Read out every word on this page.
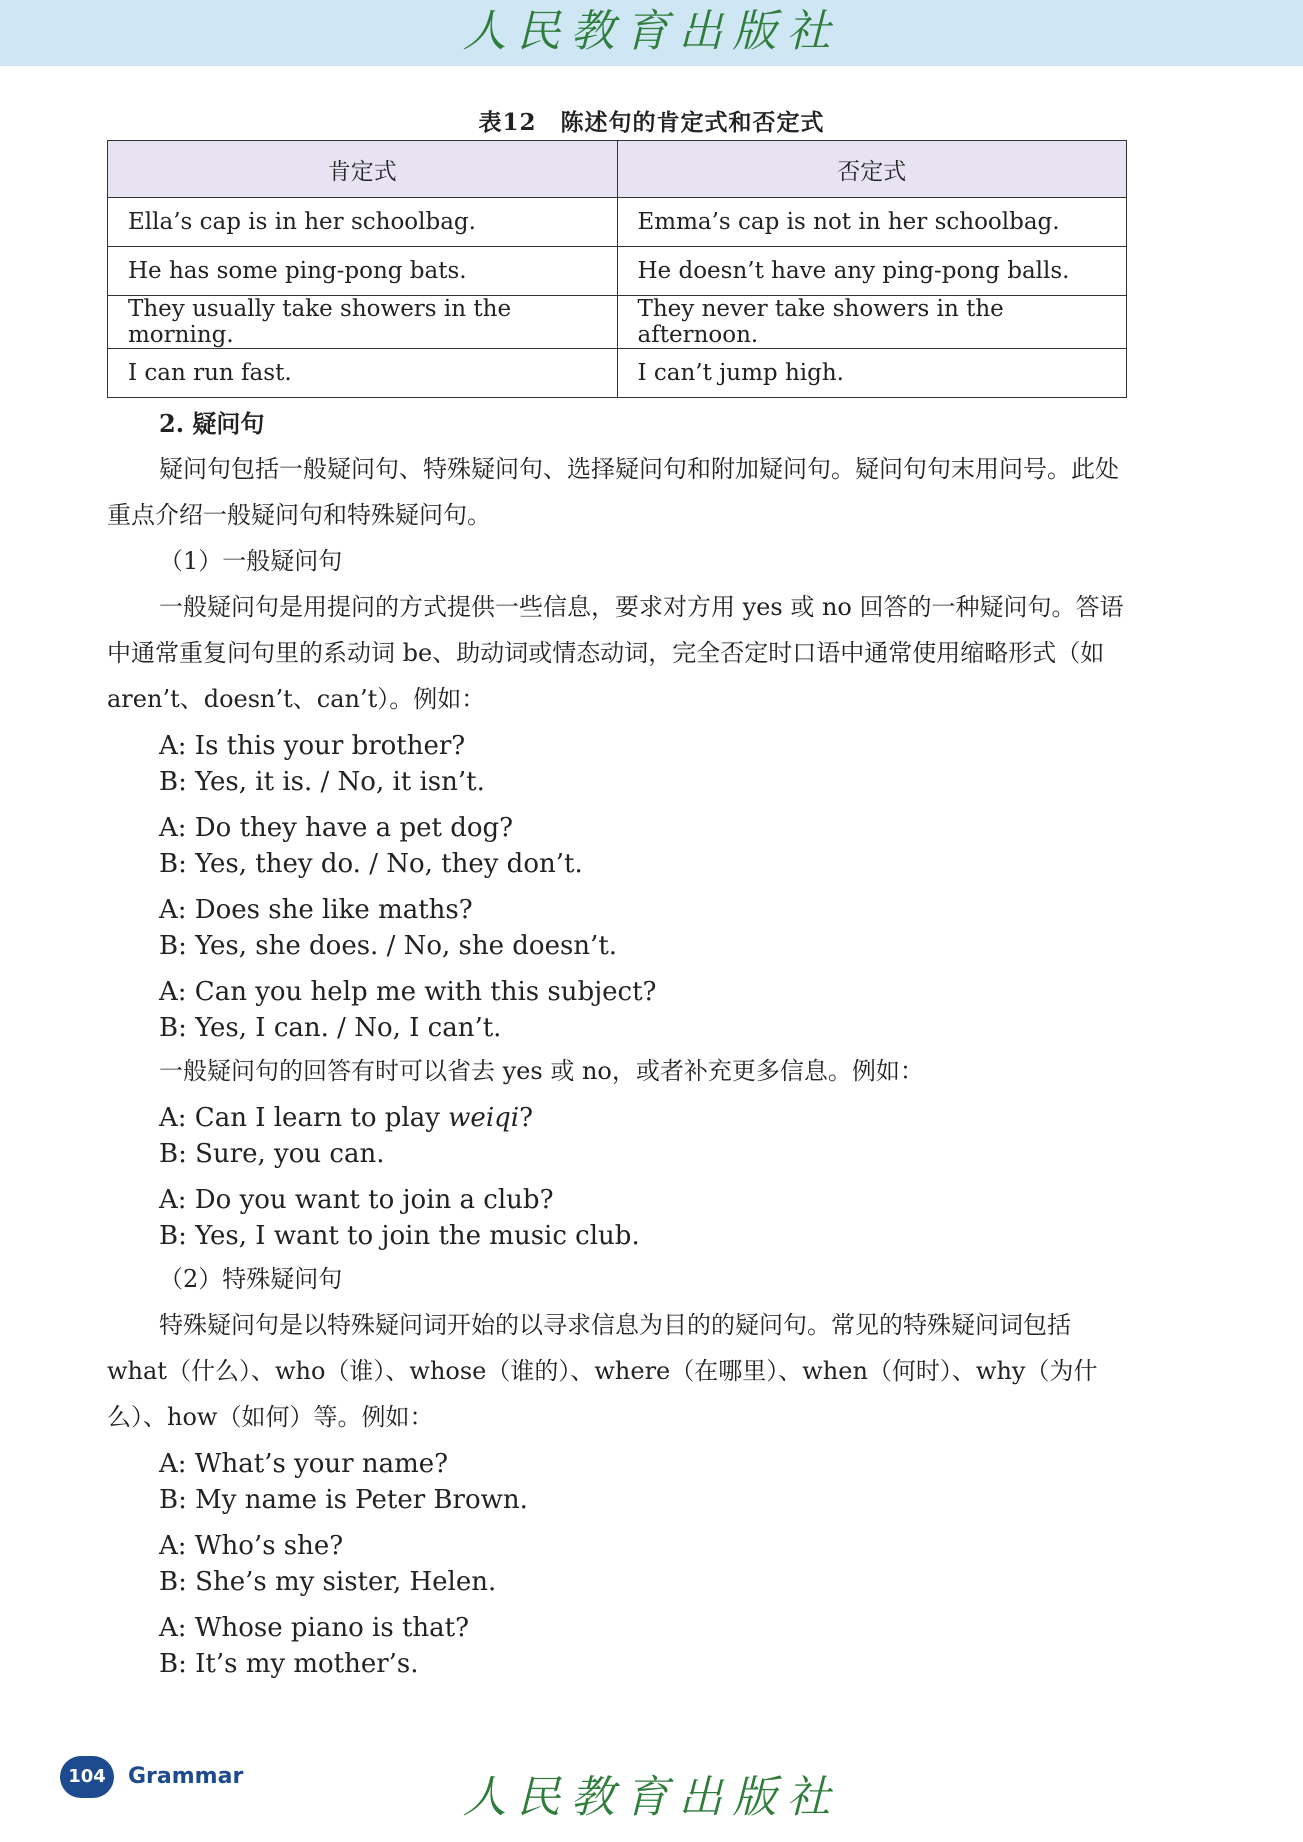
人民教育出版社
表12　陈述句的肯定式和否定式
肯定式	否定式
Ella’s cap is in her schoolbag.	Emma’s cap is not in her schoolbag.
He has some ping-pong bats.	He doesn’t have any ping-pong balls.
They usually take showers in the morning.	They never take showers in the afternoon.
I can run fast.	I can’t jump high.
2. 疑问句
疑问句包括一般疑问句、特殊疑问句、选择疑问句和附加疑问句。疑问句句末用问号。此处重点介绍一般疑问句和特殊疑问句。
（1）一般疑问句
一般疑问句是用提问的方式提供一些信息，要求对方用 yes 或 no 回答的一种疑问句。答语中通常重复问句里的系动词 be、助动词或情态动词，完全否定时口语中通常使用缩略形式（如 aren’t、doesn’t、can’t）。例如：
A: Is this your brother?
B: Yes, it is. / No, it isn’t.
A: Do they have a pet dog?
B: Yes, they do. / No, they don’t.
A: Does she like maths?
B: Yes, she does. / No, she doesn’t.
A: Can you help me with this subject?
B: Yes, I can. / No, I can’t.
一般疑问句的回答有时可以省去 yes 或 no，或者补充更多信息。例如：
A: Can I learn to play weiqi?
B: Sure, you can.
A: Do you want to join a club?
B: Yes, I want to join the music club.
（2）特殊疑问句
特殊疑问句是以特殊疑问词开始的以寻求信息为目的的疑问句。常见的特殊疑问词包括 what（什么）、who（谁）、whose（谁的）、where（在哪里）、when（何时）、why（为什么）、how（如何）等。例如：
A: What’s your name?
B: My name is Peter Brown.
A: Who’s she?
B: She’s my sister, Helen.
A: Whose piano is that?
B: It’s my mother’s.
104	Grammar	人民教育出版社
